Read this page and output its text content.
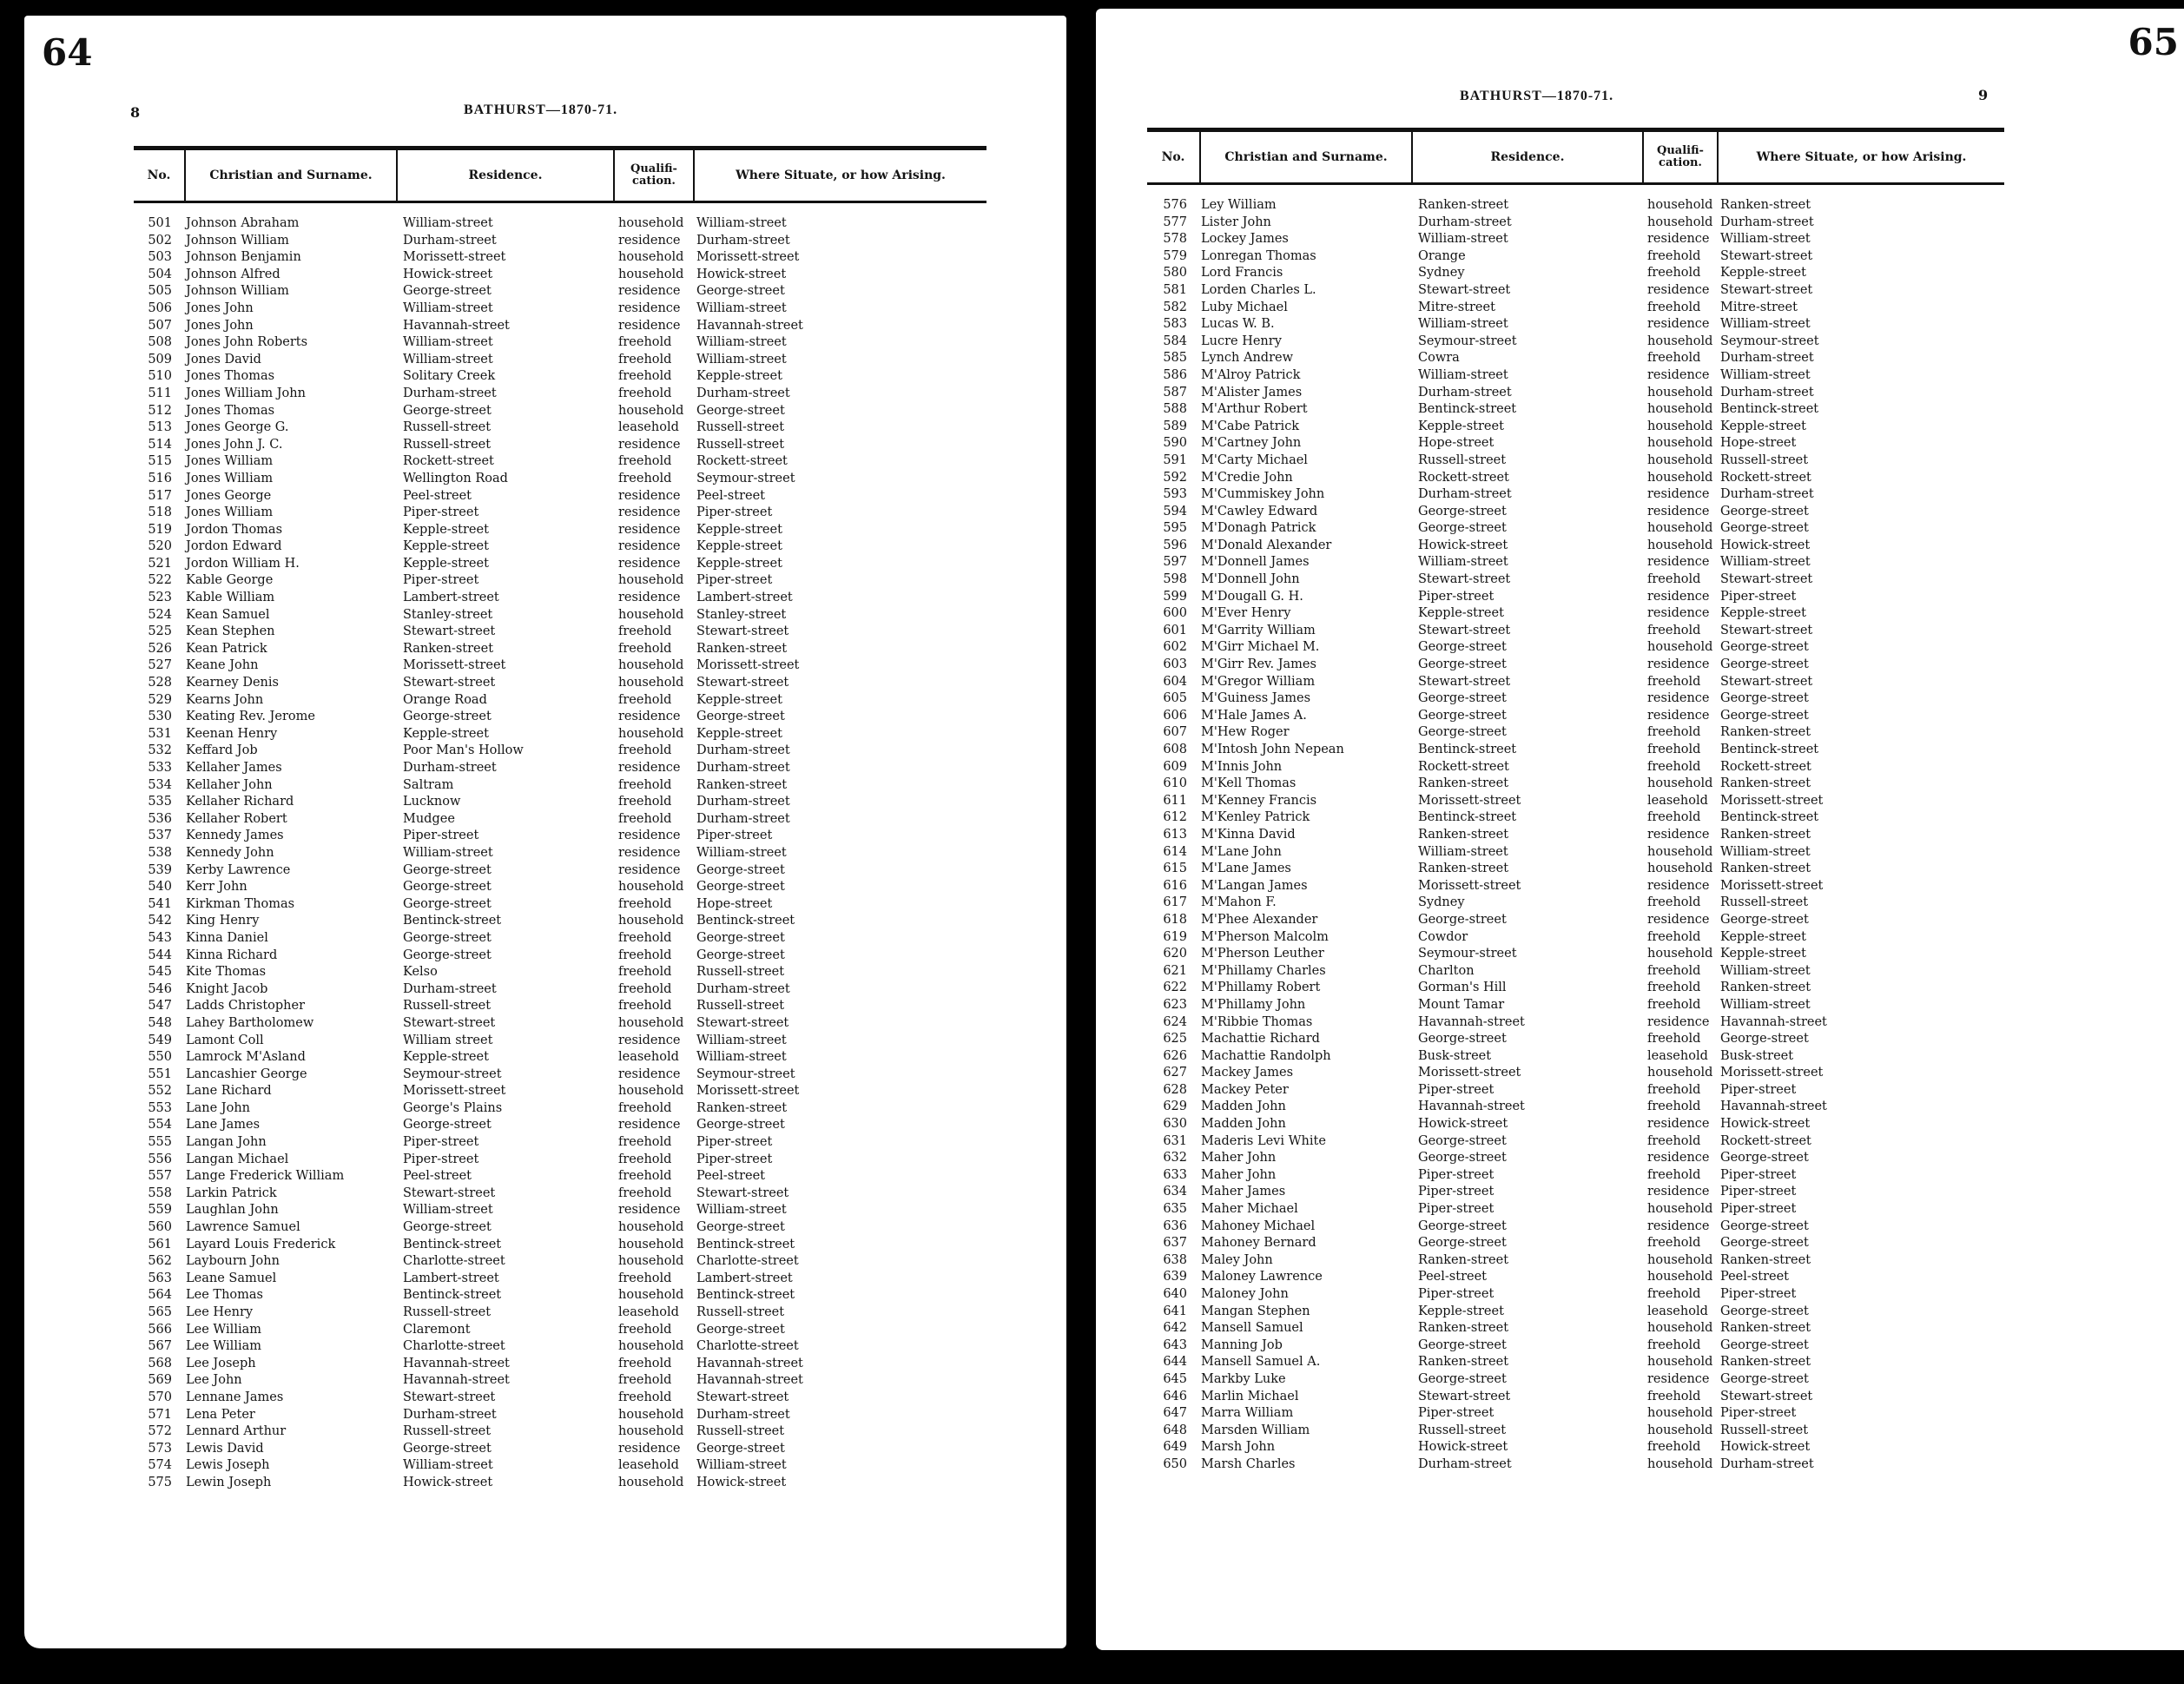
64
8	BATHURST—1870-71.
No.	Christian and Surname.	Residence.	Qualifi-
cation.	Where Situate, or how Arising.
501	Johnson Abraham	William-street	household	William-street
502	Johnson William	Durham-street	residence	Durham-street
503	Johnson Benjamin	Morissett-street	household	Morissett-street
504	Johnson Alfred	Howick-street	household	Howick-street
505	Johnson William	George-street	residence	George-street
506	Jones John	William-street	residence	William-street
507	Jones John	Havannah-street	residence	Havannah-street
508	Jones John Roberts	William-street	freehold	William-street
509	Jones David	William-street	freehold	William-street
510	Jones Thomas	Solitary Creek	freehold	Kepple-street
511	Jones William John	Durham-street	freehold	Durham-street
512	Jones Thomas	George-street	household	George-street
513	Jones George G.	Russell-street	leasehold	Russell-street
514	Jones John J. C.	Russell-street	residence	Russell-street
515	Jones William	Rockett-street	freehold	Rockett-street
516	Jones William	Wellington Road	freehold	Seymour-street
517	Jones George	Peel-street	residence	Peel-street
518	Jones William	Piper-street	residence	Piper-street
519	Jordon Thomas	Kepple-street	residence	Kepple-street
520	Jordon Edward	Kepple-street	residence	Kepple-street
521	Jordon William H.	Kepple-street	residence	Kepple-street
522	Kable George	Piper-street	household	Piper-street
523	Kable William	Lambert-street	residence	Lambert-street
524	Kean Samuel	Stanley-street	household	Stanley-street
525	Kean Stephen	Stewart-street	freehold	Stewart-street
526	Kean Patrick	Ranken-street	freehold	Ranken-street
527	Keane John	Morissett-street	household	Morissett-street
528	Kearney Denis	Stewart-street	household	Stewart-street
529	Kearns John	Orange Road	freehold	Kepple-street
530	Keating Rev. Jerome	George-street	residence	George-street
531	Keenan Henry	Kepple-street	household	Kepple-street
532	Keffard Job	Poor Man's Hollow	freehold	Durham-street
533	Kellaher James	Durham-street	residence	Durham-street
534	Kellaher John	Saltram	freehold	Ranken-street
535	Kellaher Richard	Lucknow	freehold	Durham-street
536	Kellaher Robert	Mudgee	freehold	Durham-street
537	Kennedy James	Piper-street	residence	Piper-street
538	Kennedy John	William-street	residence	William-street
539	Kerby Lawrence	George-street	residence	George-street
540	Kerr John	George-street	household	George-street
541	Kirkman Thomas	George-street	freehold	Hope-street
542	King Henry	Bentinck-street	household	Bentinck-street
543	Kinna Daniel	George-street	freehold	George-street
544	Kinna Richard	George-street	freehold	George-street
545	Kite Thomas	Kelso	freehold	Russell-street
546	Knight Jacob	Durham-street	freehold	Durham-street
547	Ladds Christopher	Russell-street	freehold	Russell-street
548	Lahey Bartholomew	Stewart-street	household	Stewart-street
549	Lamont Coll	William street	residence	William-street
550	Lamrock M'Asland	Kepple-street	leasehold	William-street
551	Lancashier George	Seymour-street	residence	Seymour-street
552	Lane Richard	Morissett-street	household	Morissett-street
553	Lane John	George's Plains	freehold	Ranken-street
554	Lane James	George-street	residence	George-street
555	Langan John	Piper-street	freehold	Piper-street
556	Langan Michael	Piper-street	freehold	Piper-street
557	Lange Frederick William	Peel-street	freehold	Peel-street
558	Larkin Patrick	Stewart-street	freehold	Stewart-street
559	Laughlan John	William-street	residence	William-street
560	Lawrence Samuel	George-street	household	George-street
561	Layard Louis Frederick	Bentinck-street	household	Bentinck-street
562	Laybourn John	Charlotte-street	household	Charlotte-street
563	Leane Samuel	Lambert-street	freehold	Lambert-street
564	Lee Thomas	Bentinck-street	household	Bentinck-street
565	Lee Henry	Russell-street	leasehold	Russell-street
566	Lee William	Claremont	freehold	George-street
567	Lee William	Charlotte-street	household	Charlotte-street
568	Lee Joseph	Havannah-street	freehold	Havannah-street
569	Lee John	Havannah-street	freehold	Havannah-street
570	Lennane James	Stewart-street	freehold	Stewart-street
571	Lena Peter	Durham-street	household	Durham-street
572	Lennard Arthur	Russell-street	household	Russell-street
573	Lewis David	George-street	residence	George-street
574	Lewis Joseph	William-street	leasehold	William-street
575	Lewin Joseph	Howick-street	household	Howick-street
65
9
BATHURST—1870-71.
No.	Christian and Surname.	Residence.	Qualifi-
cation.	Where Situate, or how Arising.
576	Ley William	Ranken-street	household Ranken-street
577	Lister John	Durham-street	household Durham-street
578	Lockey James	William-street	residence William-street
579	Lonregan Thomas	Orange	freehold	Stewart-street
580	Lord Francis	Sydney	freehold	Kepple-street
581	Lorden Charles L.	Stewart-street	residence Stewart-street
582	Luby Michael	Mitre-street	freehold	Mitre-street
583	Lucas W. B.	William-street	residence William-street
584	Lucre Henry	Seymour-street	household Seymour-street
585	Lynch Andrew	Cowra	freehold	Durham-street
586	M'Alroy Patrick	William-street	residence William-street
587	M'Alister James	Durham-street	household Durham-street
588	M'Arthur Robert	Bentinck-street	household Bentinck-street
589	M'Cabe Patrick	Kepple-street	household Kepple-street
590	M'Cartney John	Hope-street	household Hope-street
591	M'Carty Michael	Russell-street	household Russell-street
592	M'Credie John	Rockett-street	household Rockett-street
593	M'Cummiskey John	Durham-street	residence Durham-street
594	M'Cawley Edward	George-street	residence George-street
595	M'Donagh Patrick	George-street	household George-street
596	M'Donald Alexander	Howick-street	household Howick-street
597	M'Donnell James	William-street	residence William-street
598	M'Donnell John	Stewart-street	freehold	Stewart-street
599	M'Dougall G. H.	Piper-street	residence Piper-street
600	M'Ever Henry	Kepple-street	residence Kepple-street
601	M'Garrity William	Stewart-street	freehold	Stewart-street
602	M'Girr Michael M.	George-street	household George-street
603	M'Girr Rev. James	George-street	residence George-street
604	M'Gregor William	Stewart-street	freehold	Stewart-street
605	M'Guiness James	George-street	residence George-street
606	M'Hale James A.	George-street	residence George-street
607	M'Hew Roger	George-street	freehold	Ranken-street
608	M'Intosh John Nepean	Bentinck-street	freehold	Bentinck-street
609	M'Innis John	Rockett-street	freehold	Rockett-street
610	M'Kell Thomas	Ranken-street	household Ranken-street
611	M'Kenney Francis	Morissett-street	leasehold Morissett-street
612	M'Kenley Patrick	Bentinck-street	freehold	Bentinck-street
613	M'Kinna David	Ranken-street	residence Ranken-street
614	M'Lane John	William-street	household William-street
615	M'Lane James	Ranken-street	household Ranken-street
616	M'Langan James	Morissett-street	residence Morissett-street
617	M'Mahon F.	Sydney	freehold	Russell-street
618	M'Phee Alexander	George-street	residence George-street
619	M'Pherson Malcolm	Cowdor	freehold	Kepple-street
620	M'Pherson Leuther	Seymour-street	household Kepple-street
621	M'Phillamy Charles	Charlton	freehold	William-street
622	M'Phillamy Robert	Gorman's Hill	freehold	Ranken-street
623	M'Phillamy John	Mount Tamar	freehold	William-street
624	M'Ribbie Thomas	Havannah-street	residence Havannah-street
625	Machattie Richard	George-street	freehold	George-street
626	Machattie Randolph	Busk-street	leasehold Busk-street
627	Mackey James	Morissett-street	household Morissett-street
628	Mackey Peter	Piper-street	freehold	Piper-street
629	Madden John	Havannah-street	freehold	Havannah-street
630	Madden John	Howick-street	residence Howick-street
631	Maderis Levi White	George-street	freehold	Rockett-street
632	Maher John	George-street	residence George-street
633	Maher John	Piper-street	freehold	Piper-street
634	Maher James	Piper-street	residence Piper-street
635	Maher Michael	Piper-street	household Piper-street
636	Mahoney Michael	George-street	residence George-street
637	Mahoney Bernard	George-street	freehold	George-street
638	Maley John	Ranken-street	household Ranken-street
639	Maloney Lawrence	Peel-street	household Peel-street
640	Maloney John	Piper-street	freehold	Piper-street
641	Mangan Stephen	Kepple-street	leasehold George-street
642	Mansell Samuel	Ranken-street	household Ranken-street
643	Manning Job	George-street	freehold	George-street
644	Mansell Samuel A.	Ranken-street	household Ranken-street
645	Markby Luke	George-street	residence George-street
646	Marlin Michael	Stewart-street	freehold	Stewart-street
647	Marra William	Piper-street	household Piper-street
648	Marsden William	Russell-street	household Russell-street
649	Marsh John	Howick-street	freehold	Howick-street
650	Marsh Charles	Durham-street	household Durham-street
